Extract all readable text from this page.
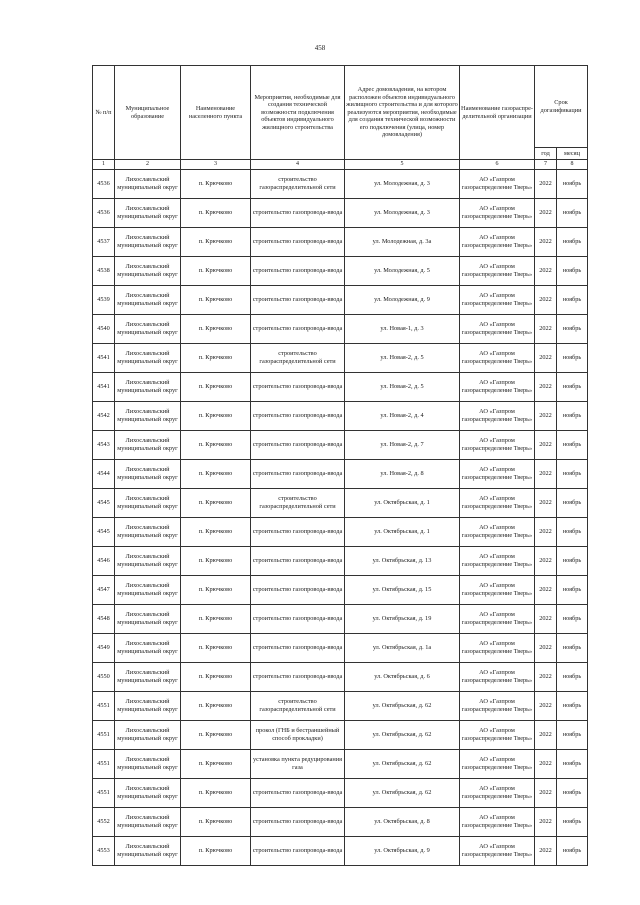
458
№ п/п	Муниципальное образование	Наименование населенного пункта	Мероприятия, необходимые для создания технической возможности подключения объектов индивидуального жилищного строительства	Адрес домовладения, на котором расположен объектов индивидуального жилищного строительства и для которого реализуются мероприятия, необходимые для создания технической возможности его подключения (улица, номер домовладения)	Наименование газораспре-делительной организации	Срок догазификации	
						год	месяц
1	2	3	4	5	6	7	8
4536	Лихославльский муниципальный округ	п. Крючково	строительство газораспределительной сети	ул. Молодежная, д. 3	АО «Газпром газораспределение Тверь»	2022	ноябрь
4536	Лихославльский муниципальный округ	п. Крючково	строительство газопровода-ввода	ул. Молодежная, д. 3	АО «Газпром газораспределение Тверь»	2022	ноябрь
4537	Лихославльский муниципальный округ	п. Крючково	строительство газопровода-ввода	ул. Молодежная, д. 3а	АО «Газпром газораспределение Тверь»	2022	ноябрь
4538	Лихославльский муниципальный округ	п. Крючково	строительство газопровода-ввода	ул. Молодежная, д. 5	АО «Газпром газораспределение Тверь»	2022	ноябрь
4539	Лихославльский муниципальный округ	п. Крючково	строительство газопровода-ввода	ул. Молодежная, д. 9	АО «Газпром газораспределение Тверь»	2022	ноябрь
4540	Лихославльский муниципальный округ	п. Крючково	строительство газопровода-ввода	ул. Новая-1, д. 3	АО «Газпром газораспределение Тверь»	2022	ноябрь
4541	Лихославльский муниципальный округ	п. Крючково	строительство газораспределительной сети	ул. Новая-2, д. 5	АО «Газпром газораспределение Тверь»	2022	ноябрь
4541	Лихославльский муниципальный округ	п. Крючково	строительство газопровода-ввода	ул. Новая-2, д. 5	АО «Газпром газораспределение Тверь»	2022	ноябрь
4542	Лихославльский муниципальный округ	п. Крючково	строительство газопровода-ввода	ул. Новая-2, д. 4	АО «Газпром газораспределение Тверь»	2022	ноябрь
4543	Лихославльский муниципальный округ	п. Крючково	строительство газопровода-ввода	ул. Новая-2, д. 7	АО «Газпром газораспределение Тверь»	2022	ноябрь
4544	Лихославльский муниципальный округ	п. Крючково	строительство газопровода-ввода	ул. Новая-2, д. 8	АО «Газпром газораспределение Тверь»	2022	ноябрь
4545	Лихославльский муниципальный округ	п. Крючково	строительство газораспределительной сети	ул. Октябрьская, д. 1	АО «Газпром газораспределение Тверь»	2022	ноябрь
4545	Лихославльский муниципальный округ	п. Крючково	строительство газопровода-ввода	ул. Октябрьская, д. 1	АО «Газпром газораспределение Тверь»	2022	ноябрь
4546	Лихославльский муниципальный округ	п. Крючково	строительство газопровода-ввода	ул. Октябрьская, д. 13	АО «Газпром газораспределение Тверь»	2022	ноябрь
4547	Лихославльский муниципальный округ	п. Крючково	строительство газопровода-ввода	ул. Октябрьская, д. 15	АО «Газпром газораспределение Тверь»	2022	ноябрь
4548	Лихославльский муниципальный округ	п. Крючково	строительство газопровода-ввода	ул. Октябрьская, д. 19	АО «Газпром газораспределение Тверь»	2022	ноябрь
4549	Лихославльский муниципальный округ	п. Крючково	строительство газопровода-ввода	ул. Октябрьская, д. 1а	АО «Газпром газораспределение Тверь»	2022	ноябрь
4550	Лихославльский муниципальный округ	п. Крючково	строительство газопровода-ввода	ул. Октябрьская, д. 6	АО «Газпром газораспределение Тверь»	2022	ноябрь
4551	Лихославльский муниципальный округ	п. Крючково	строительство газораспределительной сети	ул. Октябрьская, д. 62	АО «Газпром газораспределение Тверь»	2022	ноябрь
4551	Лихославльский муниципальный округ	п. Крючково	прокол (ГНБ и бестраншейный способ прокладки)	ул. Октябрьская, д. 62	АО «Газпром газораспределение Тверь»	2022	ноябрь
4551	Лихославльский муниципальный округ	п. Крючково	установка пункта редуцирования газа	ул. Октябрьская, д. 62	АО «Газпром газораспределение Тверь»	2022	ноябрь
4551	Лихославльский муниципальный округ	п. Крючково	строительство газопровода-ввода	ул. Октябрьская, д. 62	АО «Газпром газораспределение Тверь»	2022	ноябрь
4552	Лихославльский муниципальный округ	п. Крючково	строительство газопровода-ввода	ул. Октябрьская, д. 8	АО «Газпром газораспределение Тверь»	2022	ноябрь
4553	Лихославльский муниципальный округ	п. Крючково	строительство газопровода-ввода	ул. Октябрьская, д. 9	АО «Газпром газораспределение Тверь»	2022	ноябрь
